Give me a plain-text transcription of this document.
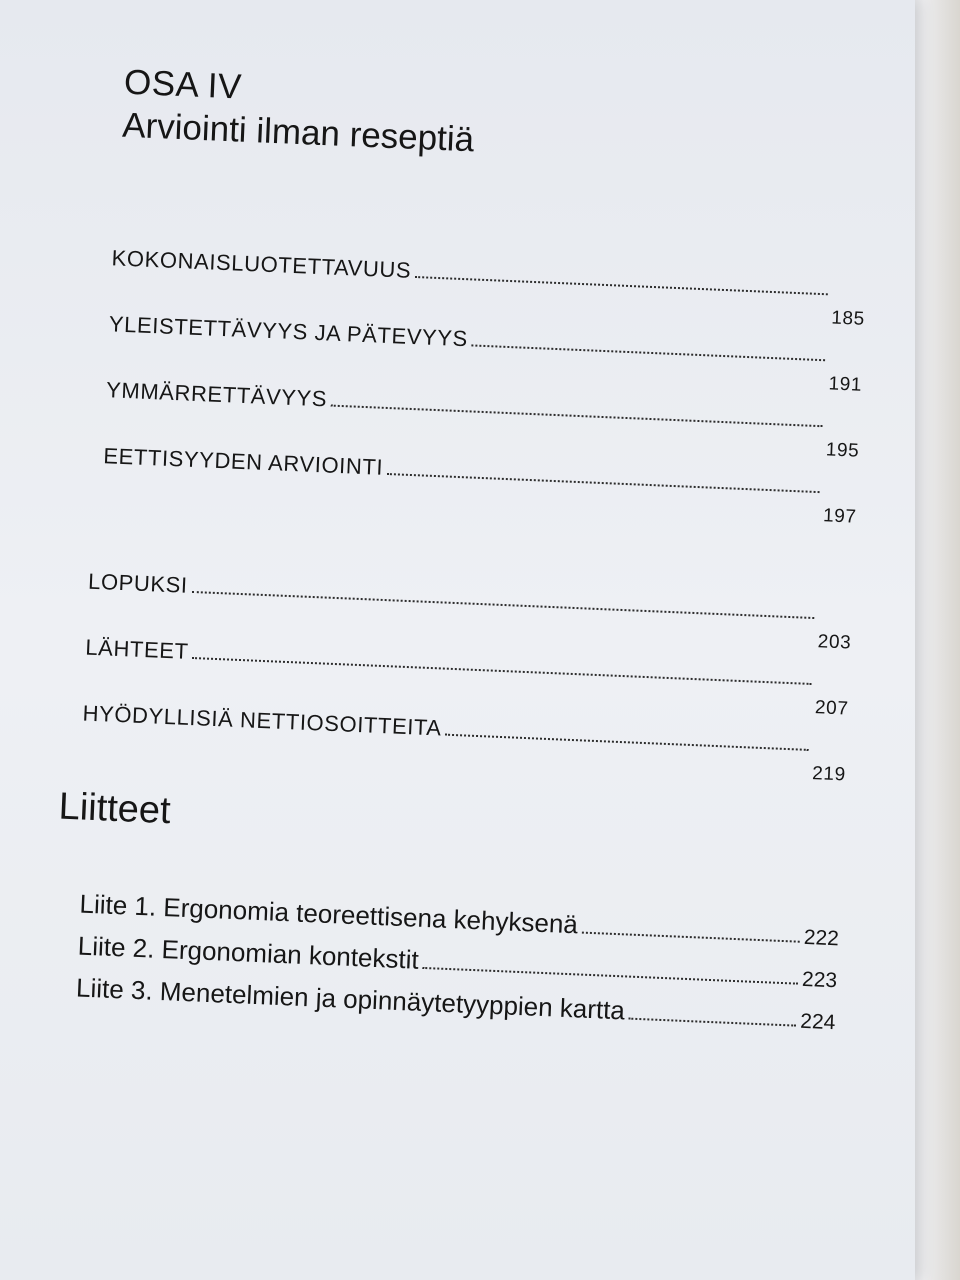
OSA IV
Arviointi ilman reseptiä
KOKONAISLUOTETTAVUUS
185
YLEISTETTÄVYYS JA PÄTEVYYS
191
YMMÄRRETTÄVYYS
195
EETTISYYDEN ARVIOINTI
197
LOPUKSI
203
LÄHTEET
207
HYÖDYLLISIÄ NETTIOSOITTEITA
219
Liitteet
Liite 1. Ergonomia teoreettisena kehyksenä	222
Liite 2. Ergonomian kontekstit
223
Liite 3. Menetelmien ja opinnäytetyyppien kartta	224
